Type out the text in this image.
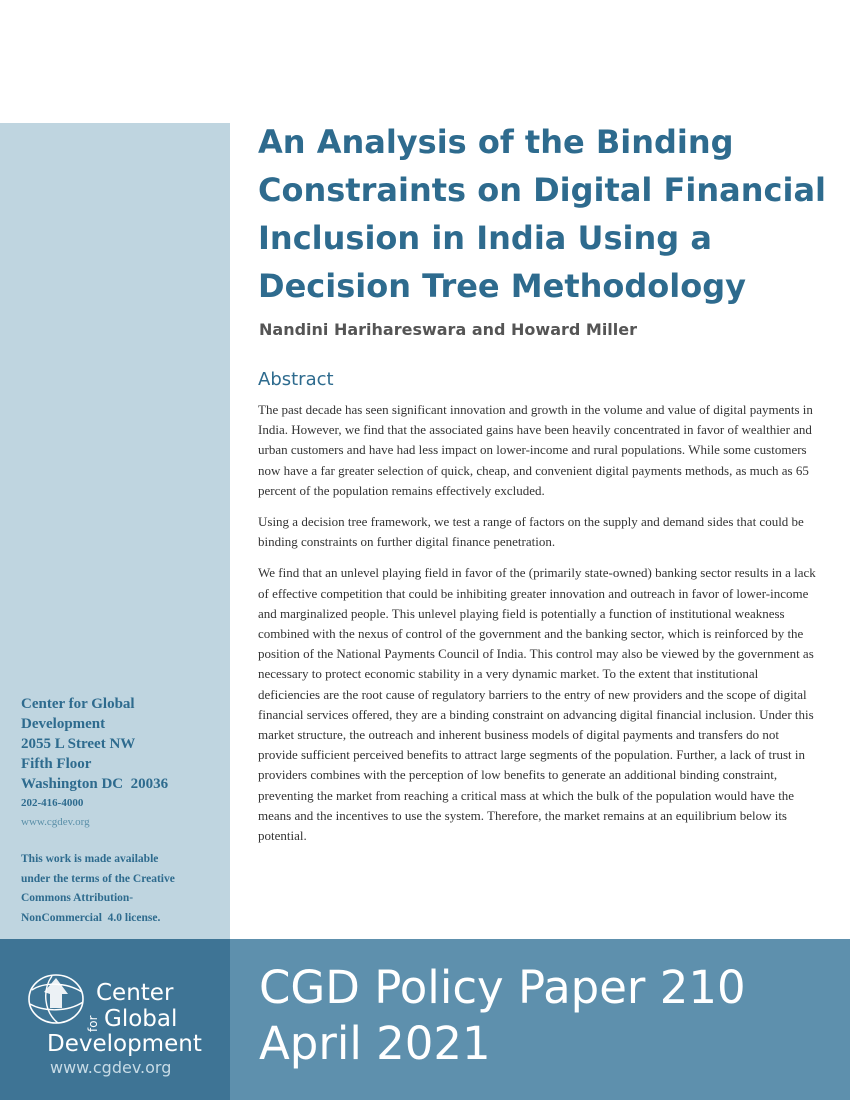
Center for Global
Development
2055 L Street NW
Fifth Floor
Washington DC  20036
202-416-4000
www.cgdev.org
This work is made available
under the terms of the Creative
Commons Attribution-
NonCommercial  4.0 license.
An Analysis of the Binding
Constraints on Digital Financial
Inclusion in India Using a
Decision Tree Methodology
Nandini Harihareswara and Howard Miller
Abstract

The past decade has seen significant innovation and growth in the volume and value of digital payments in India. However, we find that the associated gains have been heavily concentrated in favor of wealthier and urban customers and have had less impact on lower-income and rural populations. While some customers now have a far greater selection of quick, cheap, and convenient digital payments methods, as much as 65 percent of the population remains effectively excluded.

Using a decision tree framework, we test a range of factors on the supply and demand sides that could be binding constraints on further digital finance penetration.

We find that an unlevel playing field in favor of the (primarily state-owned) banking sector results in a lack of effective competition that could be inhibiting greater innovation and outreach in favor of lower-income and marginalized people. This unlevel playing field is potentially a function of institutional weakness combined with the nexus of control of the government and the banking sector, which is reinforced by the position of the National Payments Council of India. This control may also be viewed by the government as necessary to protect economic stability in a very dynamic market. To the extent that institutional deficiencies are the root cause of regulatory barriers to the entry of new providers and the scope of digital financial services offered, they are a binding constraint on advancing digital financial inclusion. Under this market structure, the outreach and inherent business models of digital payments and transfers do not provide sufficient perceived benefits to attract large segments of the population. Further, a lack of trust in providers combines with the perception of low benefits to generate an additional binding constraint, preventing the market from reaching a critical mass at which the bulk of the population would have the means and the incentives to use the system. Therefore, the market remains at an equilibrium below its potential.

Center
for Global
Development
www.cgdev.org
CGD Policy Paper 210
April 2021
